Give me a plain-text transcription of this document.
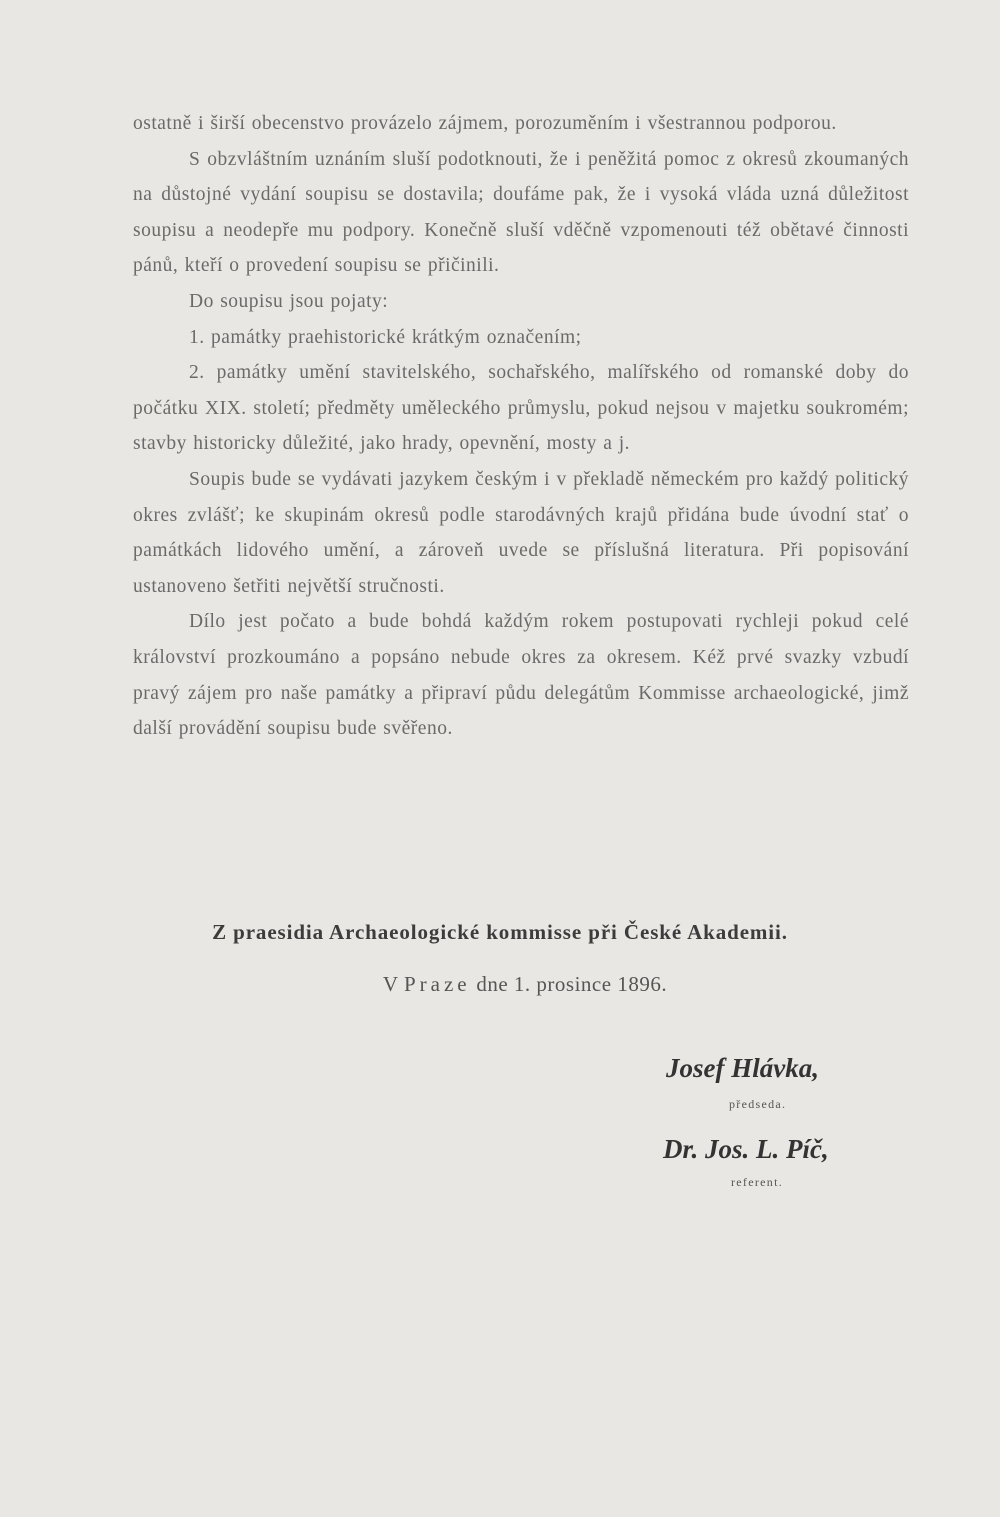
ostatně i širší obecenstvo provázelo zájmem, porozuměním i všestrannou podporou.

S obzvláštním uznáním sluší podotknouti, že i peněžitá pomoc z okresů zkoumaných na důstojné vydání soupisu se dostavila; doufáme pak, že i vysoká vláda uzná důležitost soupisu a neodepře mu podpory. Konečně sluší vděčně vzpomenouti též obětavé činnosti pánů, kteří o provedení soupisu se přičinili.

Do soupisu jsou pojaty:

1. památky praehistorické krátkým označením;

2. památky umění stavitelského, sochařského, malířského od romanské doby do počátku XIX. století; předměty uměleckého průmyslu, pokud nejsou v majetku soukromém; stavby historicky důležité, jako hrady, opevnění, mosty a j.

Soupis bude se vydávati jazykem českým i v překladě německém pro každý politický okres zvlášť; ke skupinám okresů podle starodávných krajů přidána bude úvodní stať o památkách lidového umění, a zároveň uvede se příslušná literatura. Při popisování ustanoveno šetřiti největší stručnosti.

Dílo jest počato a bude bohdá každým rokem postupovati rychleji pokud celé království prozkoumáno a popsáno nebude okres za okresem. Kéž prvé svazky vzbudí pravý zájem pro naše památky a připraví půdu delegátům Kommisse archaeologické, jimž další provádění soupisu bude svěřeno.

Z praesidia Archaeologické kommisse při České Akademii.
V Praze dne 1. prosince 1896.
Josef Hlávka,
předseda.
Dr. Jos. L. Píč,
referent.
